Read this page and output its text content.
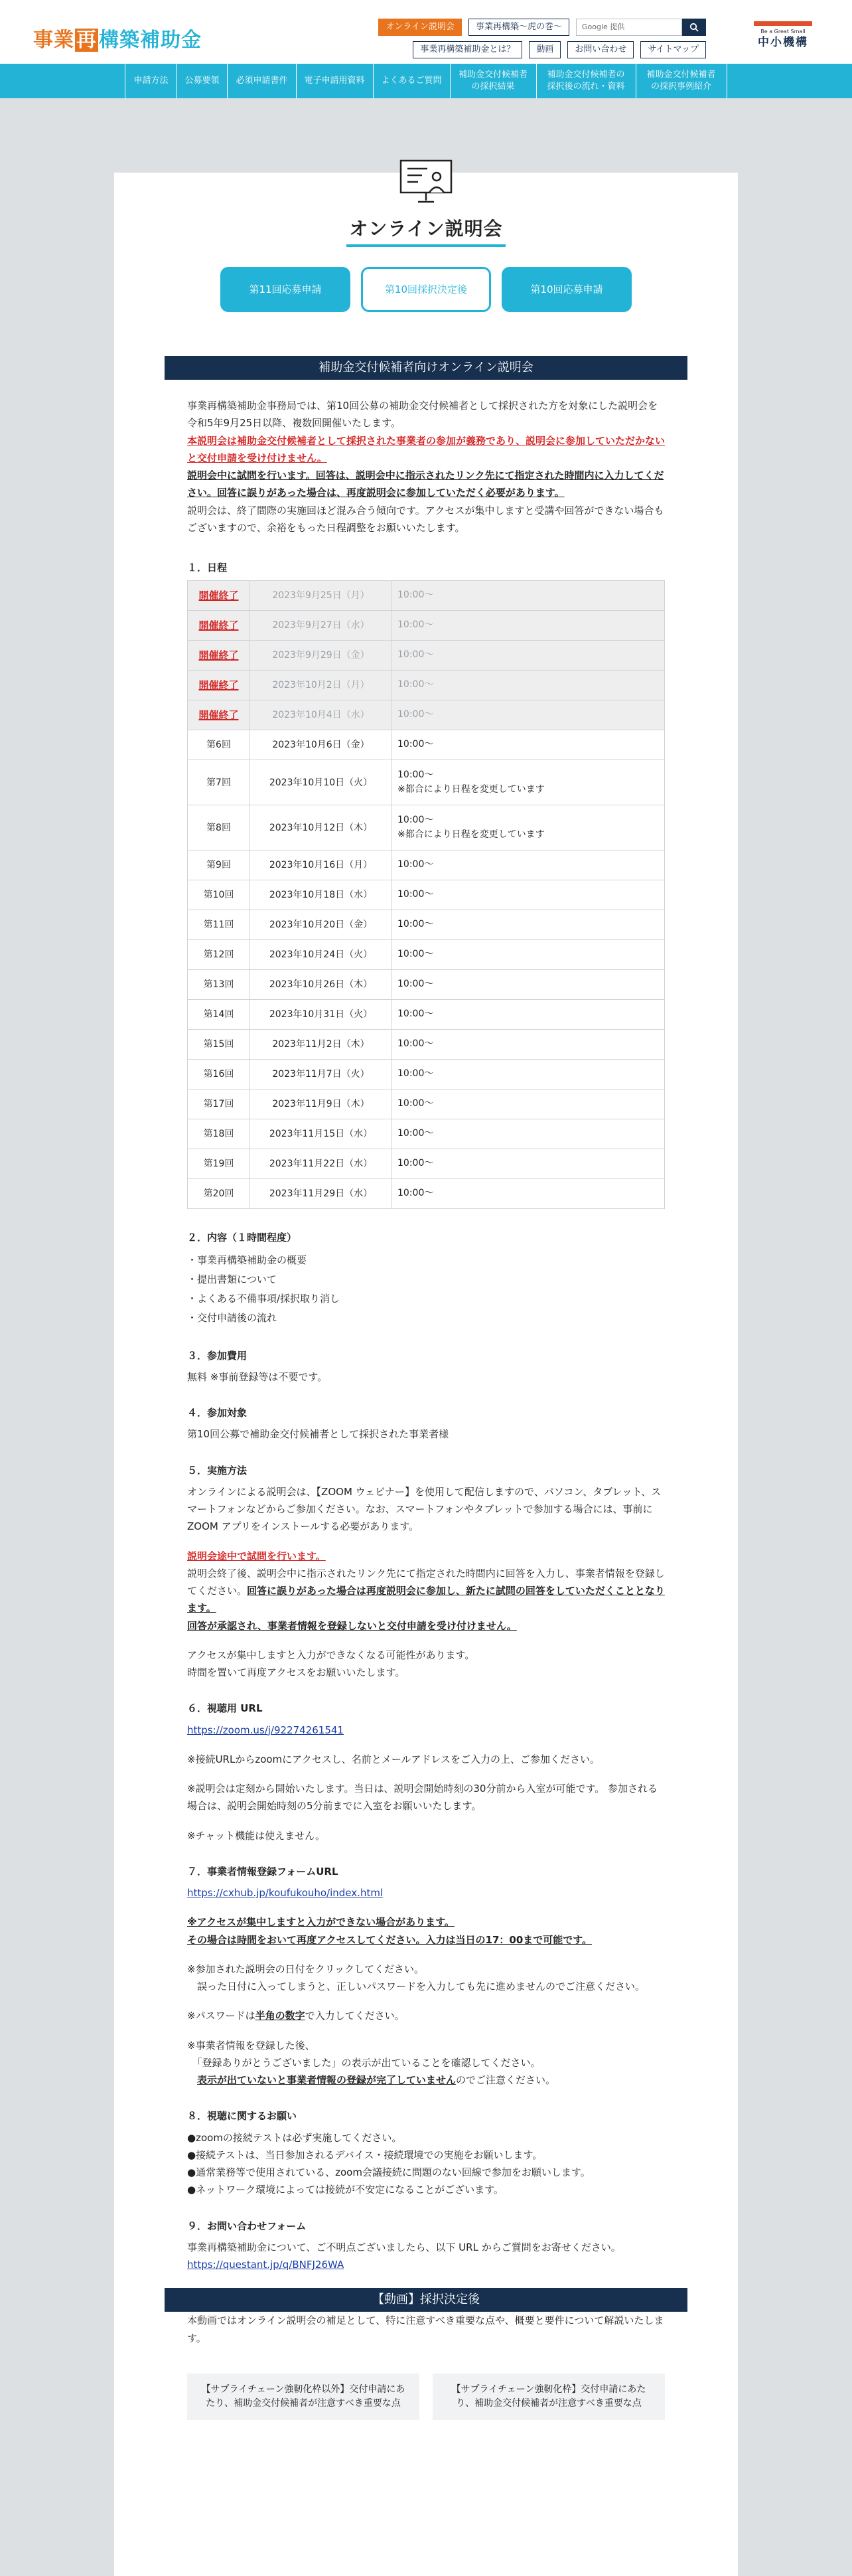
事業 再 構築補助金
オンライン説明会	事業再構築〜虎の巻〜	Google 提供
事業再構築補助金とは？	動画	お問い合わせ	サイトマップ
Be a Great Small
中小機構
申請方法	公募要領	必須申請書件	電子申請用資料	よくあるご質問
補助金交付候補者の採択結果
補助金交付候補者の採択後の流れ・資料
補助金交付候補者の採択事例紹介
オンライン説明会
第11回応募申請	第10回採択決定後	第10回応募申請
補助金交付候補者向けオンライン説明会

事業再構築補助金事務局では、第10回公募の補助金交付候補者として採択された方を対象にした説明会を令和5年9月25日以降、複数回開催いたします。

本説明会は補助金交付候補者として採択された事業者の参加が義務であり、説明会に参加していただかないと交付申請を受け付けません。

説明会中に試問を行います。回答は、説明会中に指示されたリンク先にて指定された時間内に入力してください。回答に誤りがあった場合は、再度説明会に参加していただく必要があります。

説明会は、終了間際の実施回ほど混み合う傾向です。アクセスが集中しますと受講や回答ができない場合もございますので、余裕をもった日程調整をお願いいたします。

１．日程
開催終了	2023年9月25日（月）	10:00〜

開催終了	2023年9月27日（水）	10:00〜

開催終了	2023年9月29日（金）	10:00〜

開催終了	2023年10月2日（月）	10:00〜

開催終了	2023年10月4日（水）	10:00〜

第6回	2023年10月6日（金）	10:00〜

第7回	2023年10月10日（火）	10:00〜
※都合により日程を変更しています

第8回	2023年10月12日（木）	10:00〜
※都合により日程を変更しています

第9回	2023年10月16日（月）	10:00〜

第10回	2023年10月18日（水）	10:00〜

第11回	2023年10月20日（金）	10:00〜

第12回	2023年10月24日（火）	10:00〜

第13回	2023年10月26日（木）	10:00〜

第14回	2023年10月31日（火）	10:00〜

第15回	2023年11月2日（木）	10:00〜

第16回	2023年11月7日（火）	10:00〜

第17回	2023年11月9日（木）	10:00〜

第18回	2023年11月15日（水）	10:00〜

第19回	2023年11月22日（水）	10:00〜

第20回	2023年11月29日（水）	10:00〜
２．内容（１時間程度）
・事業再構築補助金の概要
・提出書類について
・よくある不備事項/採択取り消し
・交付申請後の流れ
３．参加費用

無料 ※事前登録等は不要です。

４．参加対象

第10回公募で補助金交付候補者として採択された事業者様

５．実施方法

オンラインによる説明会は、【ZOOM ウェビナー】を使用して配信しますので、パソコン、タブレット、スマートフォンなどからご参加ください。なお、スマートフォンやタブレットで参加する場合には、事前に ZOOM アプリをインストールする必要があります。

説明会途中で試問を行います。

説明会終了後、説明会中に指示されたリンク先にて指定された時間内に回答を入力し、事業者情報を登録してください。回答に誤りがあった場合は再度説明会に参加し、新たに試問の回答をしていただくこととなります。

回答が承認され、事業者情報を登録しないと交付申請を受け付けません。

アクセスが集中しますと入力ができなくなる可能性があります。

時間を置いて再度アクセスをお願いいたします。

６．視聴用 URL

https://zoom.us/j/92274261541

※接続URLからzoomにアクセスし、名前とメールアドレスをご入力の上、ご参加ください。

※説明会は定刻から開始いたします。当日は、説明会開始時刻の30分前から入室が可能です。 参加される場合は、説明会開始時刻の5分前までに入室をお願いいたします。

※チャット機能は使えません。

７．事業者情報登録フォームURL

https://cxhub.jp/koufukouho/index.html

※アクセスが集中しますと入力ができない場合があります。

その場合は時間をおいて再度アクセスしてください。入力は当日の17：00まで可能です。

※参加された説明会の日付をクリックしてください。

　誤った日付に入ってしまうと、正しいパスワードを入力しても先に進めませんのでご注意ください。

※パスワードは半角の数字で入力してください。

※事業者情報を登録した後、

　「登録ありがとうございました」の表示が出ていることを確認してください。

　表示が出ていないと事業者情報の登録が完了していませんのでご注意ください。

８．視聴に関するお願い

●zoomの接続テストは必ず実施してください。

●接続テストは、当日参加されるデバイス・接続環境での実施をお願いします。

●通常業務等で使用されている、zoom会議接続に問題のない回線で参加をお願いします。

●ネットワーク環境によっては接続が不安定になることがございます。

９．お問い合わせフォーム

事業再構築補助金について、ご不明点ございましたら、以下 URL からご質問をお寄せください。

https://questant.jp/q/BNFJ26WA

【動画】採択決定後

本動画ではオンライン説明会の補足として、特に注意すべき重要な点や、概要と要件について解説いたします。

【サプライチェーン強靭化枠以外】交付申請にあたり、補助金交付候補者が注意すべき重要な点
【サプライチェーン強靭化枠】交付申請にあたり、補助金交付候補者が注意すべき重要な点
